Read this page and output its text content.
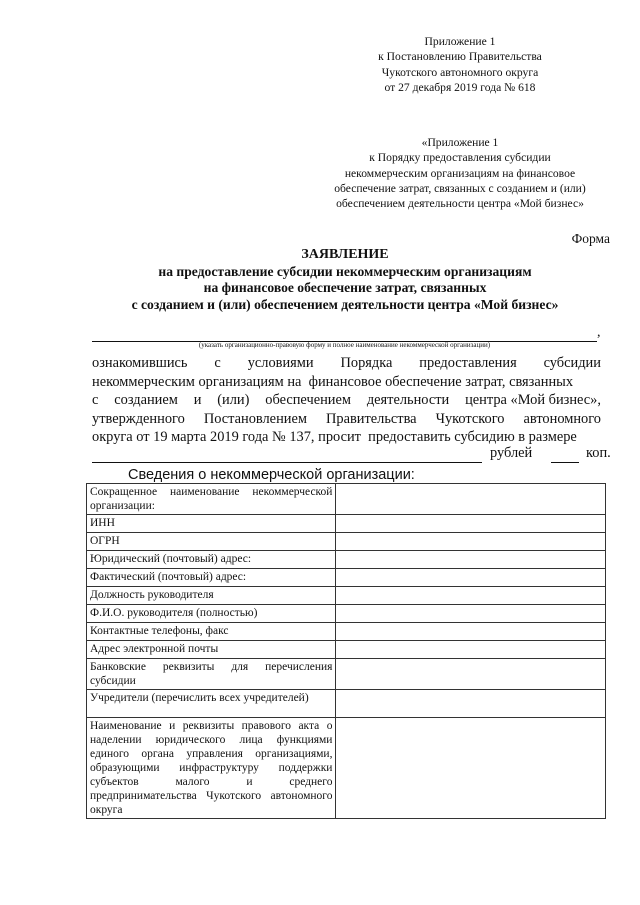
Приложение 1
к Постановлению Правительства
Чукотского автономного округа
от 27 декабря 2019 года № 618
«Приложение 1
к Порядку предоставления субсидии
некоммерческим организациям на финансовое
обеспечение затрат, связанных с созданием и (или)
обеспечением деятельности центра «Мой бизнес»
Форма
ЗАЯВЛЕНИЕ
на предоставление субсидии некоммерческим организациям
на финансовое обеспечение затрат, связанных
с созданием и (или) обеспечением деятельности центра «Мой бизнес»
,
(указать организационно-правовую форму и полное наименование некоммерческой организации)

ознакомившись с условиями Порядка предоставления субсидии

некоммерческим организациям на  финансовое обеспечение затрат, связанных

с созданием и (или) обеспечением деятельности центра «Мой бизнес»,

утвержденного Постановлением Правительства Чукотского автономного

округа от 19 марта 2019 года № 137, просит  предоставить субсидию в размере

рублей	коп.
Сведения о некоммерческой организации:
Сокращенное наименование некоммерческой организации:	
ИНН	
ОГРН	
Юридический (почтовый) адрес:	
Фактический (почтовый) адрес:	
Должность руководителя	
Ф.И.О. руководителя (полностью)	
Контактные телефоны, факс	
Адрес электронной почты	
Банковские реквизиты для перечисления субсидии	
Учредители (перечислить всех учредителей)	
Наименование и реквизиты правового акта о наделении юридического лица функциями единого органа управления организациями, образующими инфраструктуру поддержки субъектов малого и среднего предпринимательства Чукотского автономного округа	
